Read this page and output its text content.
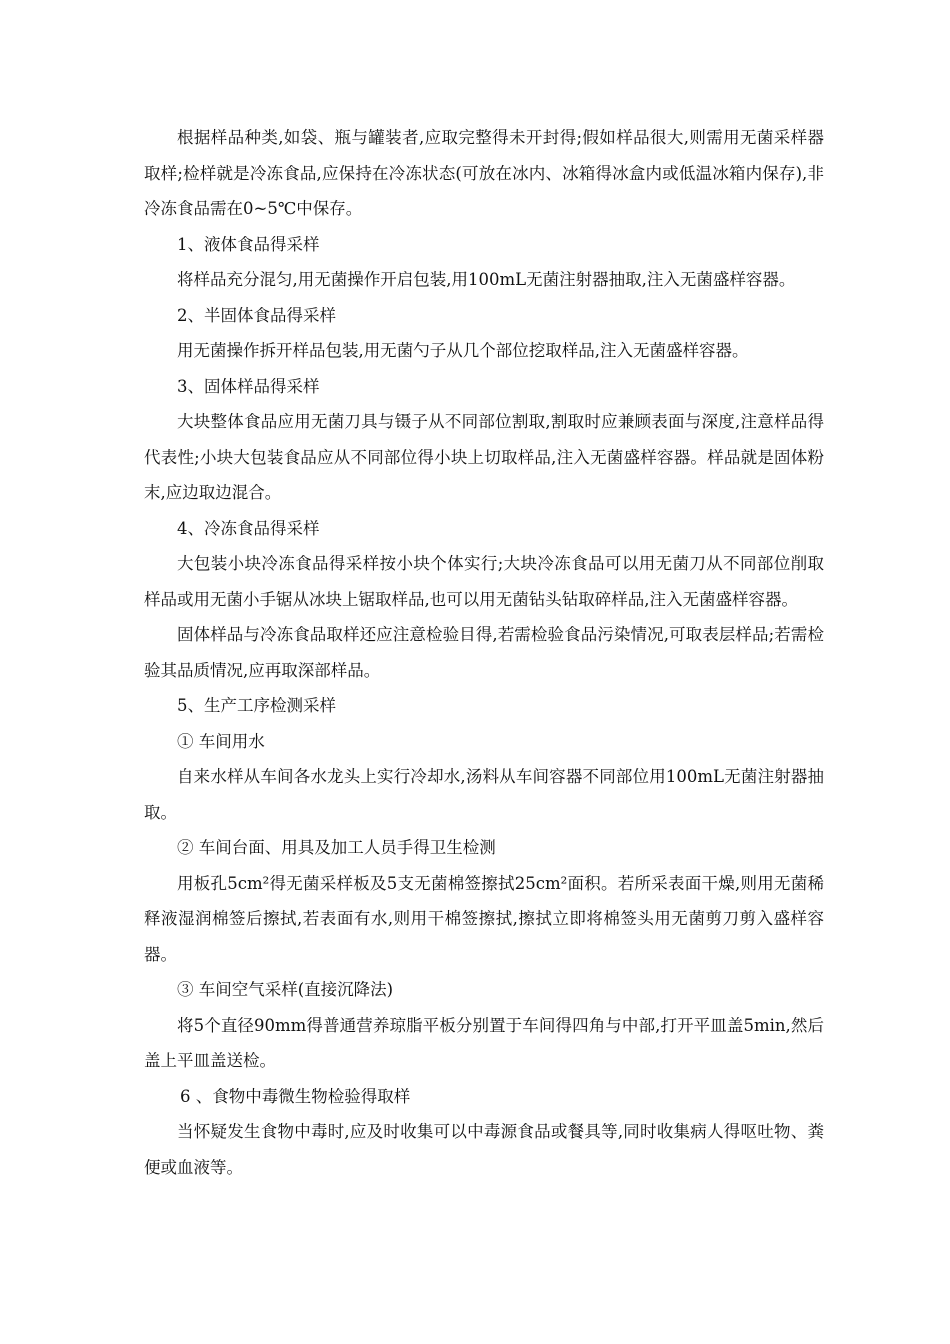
根据样品种类,如袋、瓶与罐装者,应取完整得未开封得;假如样品很大,则需用无菌采样器取样;检样就是冷冻食品,应保持在冷冻状态(可放在冰内、冰箱得冰盒内或低温冰箱内保存),非冷冻食品需在0~5℃中保存。

1、液体食品得采样

将样品充分混匀,用无菌操作开启包装,用100mL无菌注射器抽取,注入无菌盛样容器。

2、半固体食品得采样

用无菌操作拆开样品包装,用无菌勺子从几个部位挖取样品,注入无菌盛样容器。

3、固体样品得采样

大块整体食品应用无菌刀具与镊子从不同部位割取,割取时应兼顾表面与深度,注意样品得代表性;小块大包装食品应从不同部位得小块上切取样品,注入无菌盛样容器。样品就是固体粉末,应边取边混合。

4、冷冻食品得采样

大包装小块冷冻食品得采样按小块个体实行;大块冷冻食品可以用无菌刀从不同部位削取样品或用无菌小手锯从冰块上锯取样品,也可以用无菌钻头钻取碎样品,注入无菌盛样容器。

固体样品与冷冻食品取样还应注意检验目得,若需检验食品污染情况,可取表层样品;若需检验其品质情况,应再取深部样品。

5、生产工序检测采样

① 车间用水

自来水样从车间各水龙头上实行冷却水,汤料从车间容器不同部位用100mL无菌注射器抽取。

② 车间台面、用具及加工人员手得卫生检测

用板孔5cm²得无菌采样板及5支无菌棉签擦拭25cm²面积。若所采表面干燥,则用无菌稀释液湿润棉签后擦拭,若表面有水,则用干棉签擦拭,擦拭立即将棉签头用无菌剪刀剪入盛样容器。

③ 车间空气采样(直接沉降法)

将5个直径90mm得普通营养琼脂平板分别置于车间得四角与中部,打开平皿盖5min,然后盖上平皿盖送检。

6 、食物中毒微生物检验得取样

当怀疑发生食物中毒时,应及时收集可以中毒源食品或餐具等,同时收集病人得呕吐物、粪便或血液等。
